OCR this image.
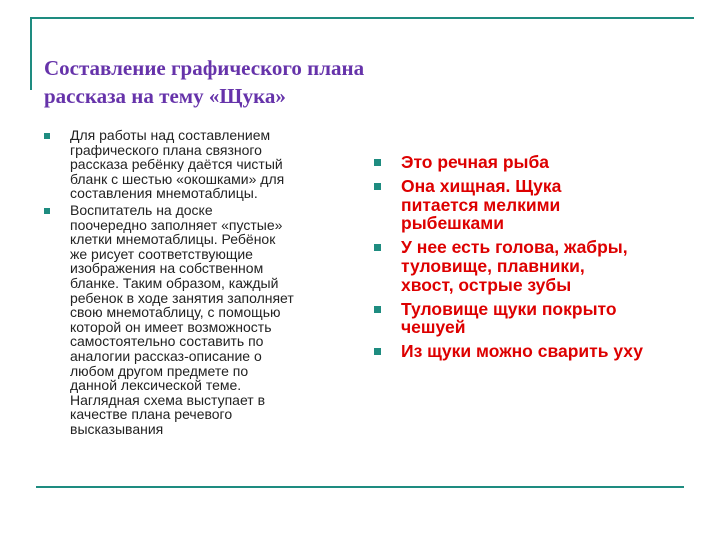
Составление графического плана
рассказа на тему «Щука»
Для работы над составлением
графического плана связного
рассказа ребёнку даётся чистый
бланк с шестью «окошками» для
составления мнемотаблицы.
Воспитатель на доске
поочередно заполняет «пустые»
клетки мнемотаблицы. Ребёнок
же рисует соответствующие
изображения на собственном
бланке. Таким образом, каждый
ребенок в ходе занятия заполняет
свою мнемотаблицу, с помощью
которой он имеет возможность
самостоятельно составить по
аналогии рассказ-описание о
любом другом предмете по
данной лексической теме.
Наглядная схема выступает в
качестве плана речевого
высказывания
Это речная рыба
Она хищная. Щука
питается мелкими
рыбешками
У нее есть голова, жабры,
туловище, плавники,
хвост, острые зубы
Туловище щуки покрыто
чешуей
Из щуки можно сварить уху
